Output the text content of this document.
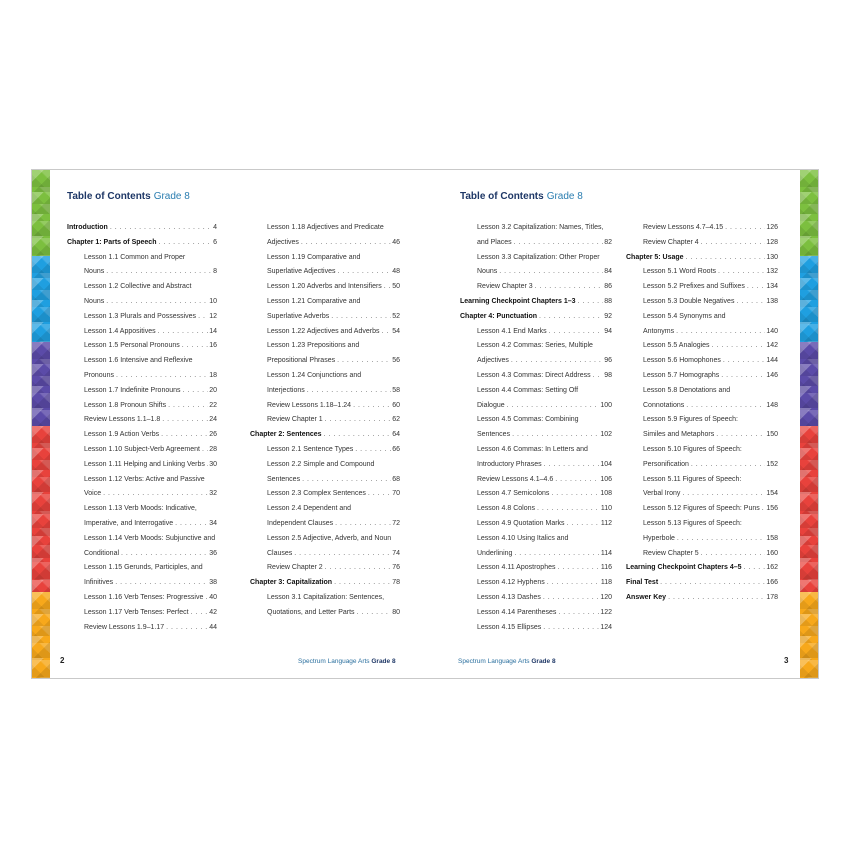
Table of Contents Grade 8
Introduction . . .	4
Chapter 1: Parts of Speech . . .	6
Lesson 1.1 Common and Proper
Nouns . . .	8
Lesson 1.2 Collective and Abstract
Nouns . . .	10
Lesson 1.3 Plurals and Possessives . . . 12
Lesson 1.4 Appositives . . .	14
Lesson 1.5 Personal Pronouns . . .	16
Lesson 1.6 Intensive and Reflexive
Pronouns . . .	18
Lesson 1.7 Indefinite Pronouns . . .	20
Lesson 1.8 Pronoun Shifts . . .	22
Review Lessons 1.1–1.8 . . .	24
Lesson 1.9 Action Verbs . . .	26
Lesson 1.10 Subject-Verb Agreement . . . 28
Lesson 1.11 Helping and Linking Verbs . . . 30
Lesson 1.12 Verbs: Active and Passive
Voice . . .	32
Lesson 1.13 Verb Moods: Indicative,
Imperative, and Interrogative . . .	34
Lesson 1.14 Verb Moods: Subjunctive and
Conditional . . .	36
Lesson 1.15 Gerunds, Participles, and
Infinitives . . .	38
Lesson 1.16 Verb Tenses: Progressive . . . 40
Lesson 1.17 Verb Tenses: Perfect . . .	42
Review Lessons 1.9–1.17 . . .	44
Lesson 1.18 Adjectives and Predicate
Adjectives . . .	46
Lesson 1.19 Comparative and
Superlative Adjectives . . .	48
Lesson 1.20 Adverbs and Intensifiers . . . 50
Lesson 1.21 Comparative and
Superlative Adverbs . . .	52
Lesson 1.22 Adjectives and Adverbs . . . 54
Lesson 1.23 Prepositions and
Prepositional Phrases . . .	56
Lesson 1.24 Conjunctions and
Interjections . . .	58
Review Lessons 1.18–1.24 . . .	60
Review Chapter 1 . . .	62
Chapter 2: Sentences . . .	64
Lesson 2.1 Sentence Types . . .	66
Lesson 2.2 Simple and Compound
Sentences . . .	68
Lesson 2.3 Complex Sentences . . .	70
Lesson 2.4 Dependent and
Independent Clauses . . .	72
Lesson 2.5 Adjective, Adverb, and Noun
Clauses . . .	74
Review Chapter 2 . . .	76
Chapter 3: Capitalization . . .	78
Lesson 3.1 Capitalization: Sentences,
Quotations, and Letter Parts . . .	80
Table of Contents Grade 8
Lesson 3.2 Capitalization: Names, Titles,
and Places . . .	82
Lesson 3.3 Capitalization: Other Proper
Nouns . . .	84
Review Chapter 3 . . .	86
Learning Checkpoint Chapters 1–3 . . .	88
Chapter 4: Punctuation . . .	92
Lesson 4.1 End Marks . . .	94
Lesson 4.2 Commas: Series, Multiple
Adjectives . . .	96
Lesson 4.3 Commas: Direct Address . . . 98
Lesson 4.4 Commas: Setting Off
Dialogue . . .	100
Lesson 4.5 Commas: Combining
Sentences . . .	102
Lesson 4.6 Commas: In Letters and
Introductory Phrases . . .	104
Review Lessons 4.1–4.6 . . .	106
Lesson 4.7 Semicolons . . .	108
Lesson 4.8 Colons . . .	110
Lesson 4.9 Quotation Marks . . .	112
Lesson 4.10 Using Italics and
Underlining . . .	114
Lesson 4.11 Apostrophes . . .	116
Lesson 4.12 Hyphens . . .	118
Lesson 4.13 Dashes . . .	120
Lesson 4.14 Parentheses . . .	122
Lesson 4.15 Ellipses . . .	124
Review Lessons 4.7–4.15 . . .	126
Review Chapter 4 . . .	128
Chapter 5: Usage . . .	130
Lesson 5.1 Word Roots . . .	132
Lesson 5.2 Prefixes and Suffixes . . .	134
Lesson 5.3 Double Negatives . . .	138
Lesson 5.4 Synonyms and
Antonyms . . .	140
Lesson 5.5 Analogies . . .	142
Lesson 5.6 Homophones . . .	144
Lesson 5.7 Homographs . . .	146
Lesson 5.8 Denotations and
Connotations . . .	148
Lesson 5.9 Figures of Speech:
Similes and Metaphors . . .	150
Lesson 5.10 Figures of Speech:
Personification . . .	152
Lesson 5.11 Figures of Speech:
Verbal Irony . . .	154
Lesson 5.12 Figures of Speech: Puns . . . 156
Lesson 5.13 Figures of Speech:
Hyperbole . . .	158
Review Chapter 5 . . .	160
Learning Checkpoint Chapters 4–5 . . .	162
Final Test . . .	166
Answer Key . . .	178
2	Spectrum Language Arts Grade 8	Spectrum Language Arts Grade 8	3
